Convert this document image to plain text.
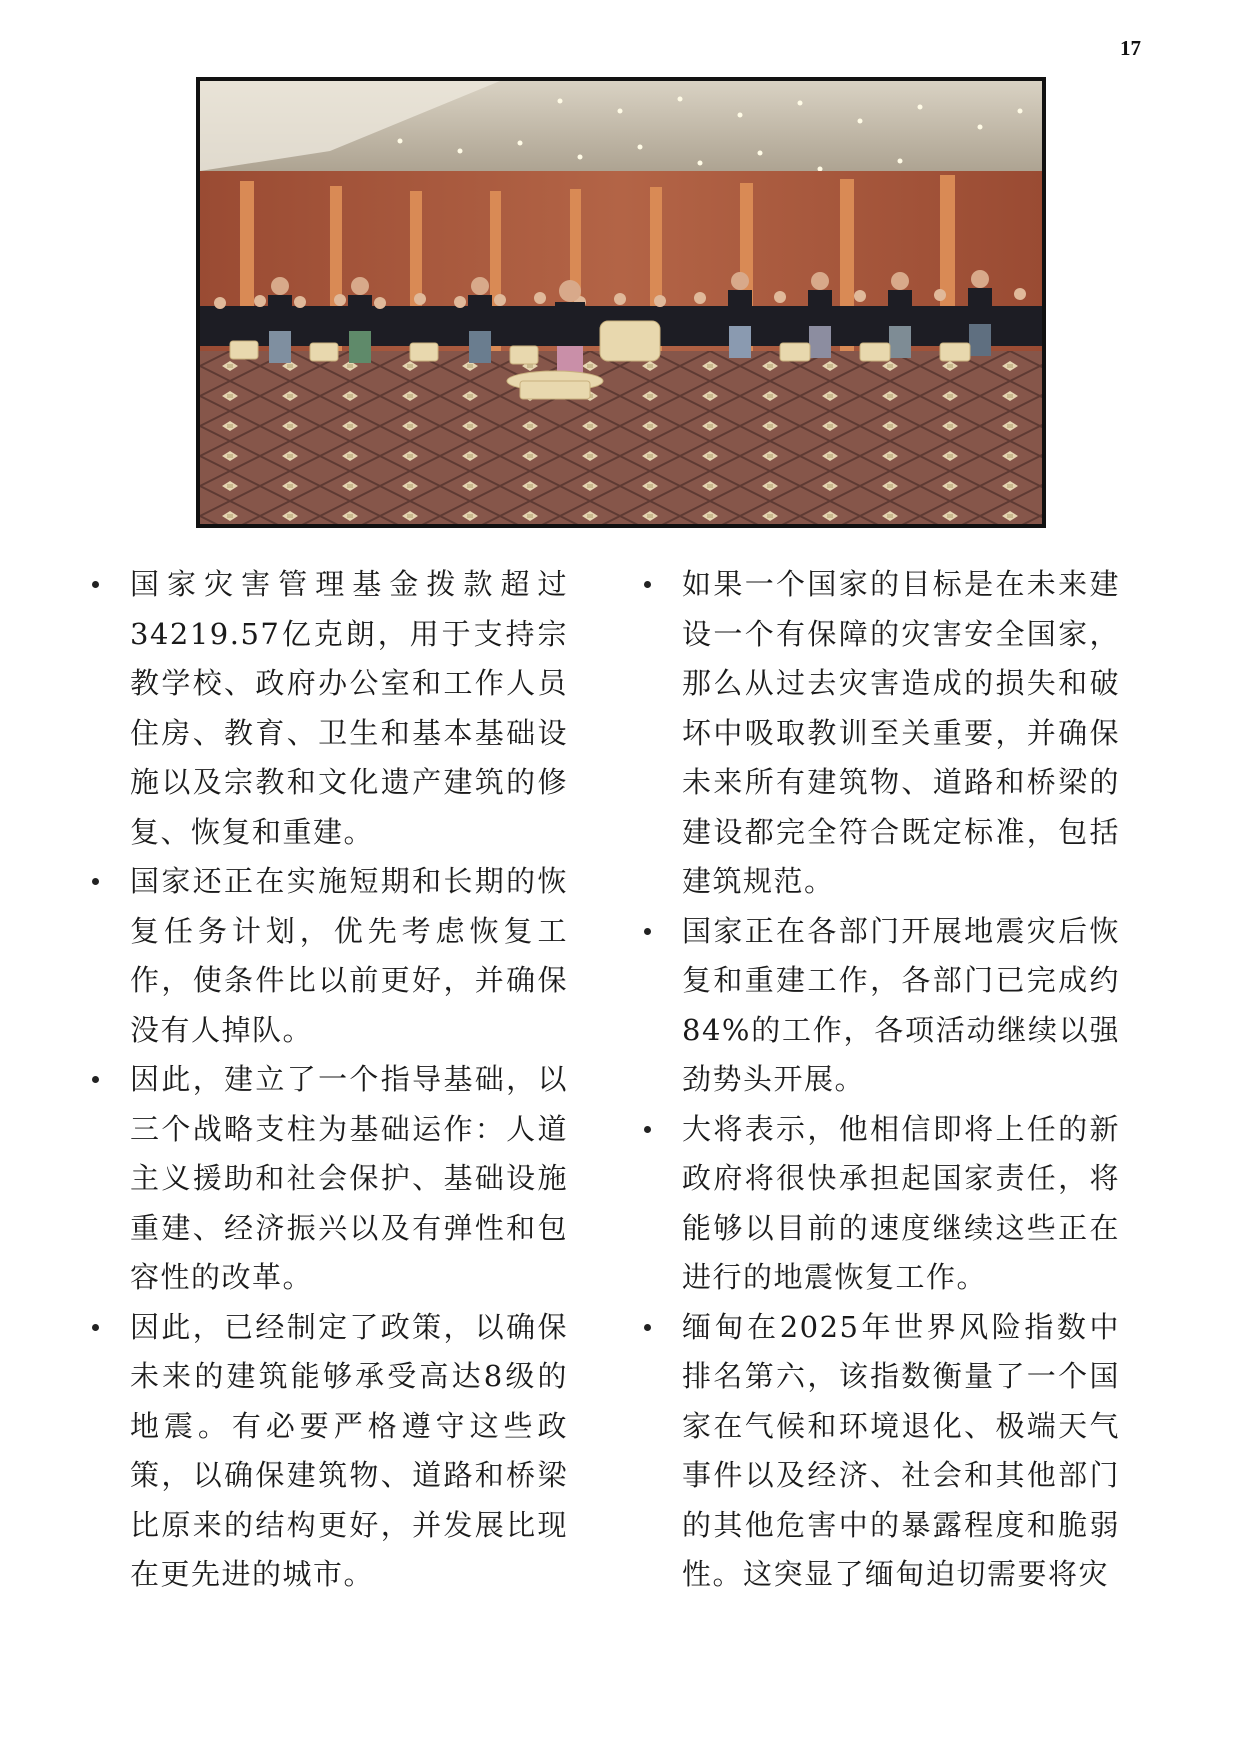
17
国家灾害管理基金拨款超过34219.57亿克朗，用于支持宗教学校、政府办公室和工作人员住房、教育、卫生和基本基础设施以及宗教和文化遗产建筑的修复、恢复和重建。
国家还正在实施短期和长期的恢复任务计划，优先考虑恢复工作，使条件比以前更好，并确保没有人掉队。
因此，建立了一个指导基础，以三个战略支柱为基础运作：人道主义援助和社会保护、基础设施重建、经济振兴以及有弹性和包容性的改革。
因此，已经制定了政策，以确保未来的建筑能够承受高达8级的地震。有必要严格遵守这些政策，以确保建筑物、道路和桥梁比原来的结构更好，并发展比现在更先进的城市。
如果一个国家的目标是在未来建设一个有保障的灾害安全国家，那么从过去灾害造成的损失和破坏中吸取教训至关重要，并确保未来所有建筑物、道路和桥梁的建设都完全符合既定标准，包括建筑规范。
国家正在各部门开展地震灾后恢复和重建工作，各部门已完成约84%的工作，各项活动继续以强劲势头开展。
大将表示，他相信即将上任的新政府将很快承担起国家责任，将能够以目前的速度继续这些正在进行的地震恢复工作。
缅甸在2025年世界风险指数中排名第六，该指数衡量了一个国家在气候和环境退化、极端天气事件以及经济、社会和其他部门的其他危害中的暴露程度和脆弱性。这突显了缅甸迫切需要将灾
